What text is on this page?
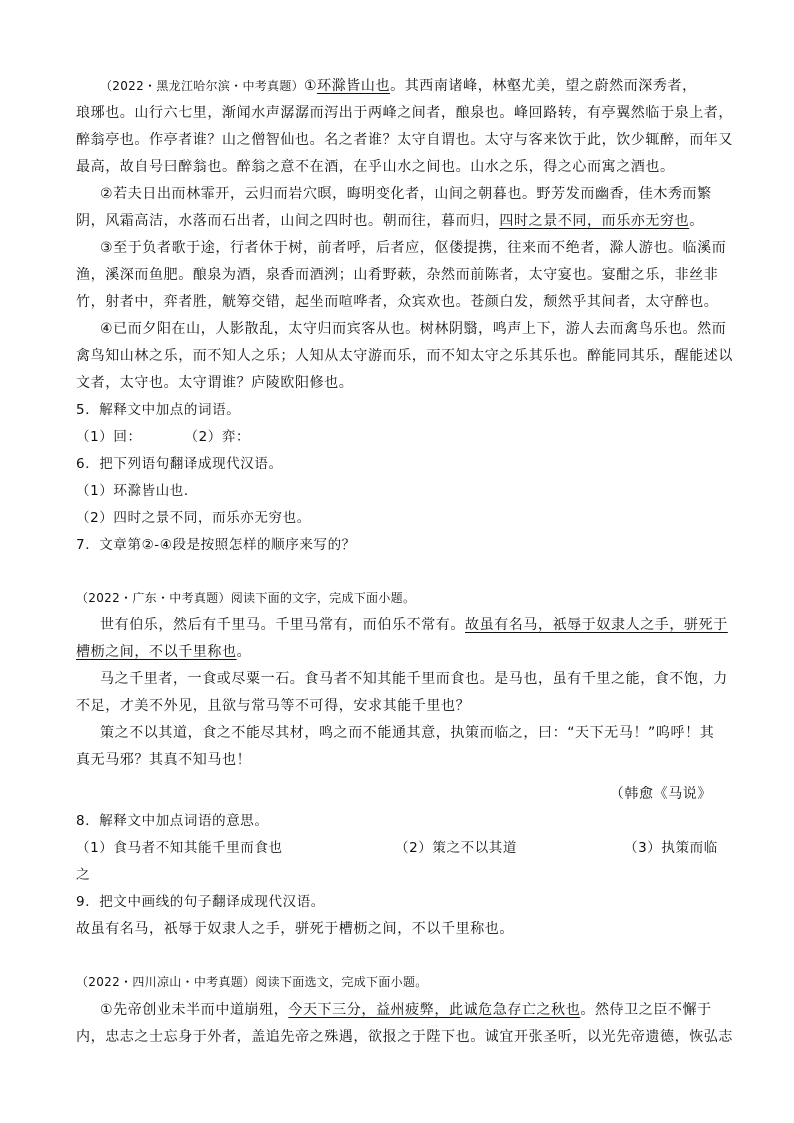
（2022・黑龙江哈尔滨・中考真题）①环滁皆山也。其西南诸峰，林壑尤美，望之蔚然而深秀者，
琅琊也。山行六七里，渐闻水声潺潺而泻出于两峰之间者，酿泉也。峰回路转，有亭翼然临于泉上者，
醉翁亭也。作亭者谁？山之僧智仙也。名之者谁？太守自谓也。太守与客来饮于此，饮少辄醉，而年又
最高，故自号曰醉翁也。醉翁之意不在酒，在乎山水之间也。山水之乐，得之心而寓之酒也。
②若夫日出而林霏开，云归而岩穴暝，晦明变化者，山间之朝暮也。野芳发而幽香，佳木秀而繁
阴，风霜高洁，水落而石出者，山间之四时也。朝而往，暮而归，四时之景不同，而乐亦无穷也。
③至于负者歌于途，行者休于树，前者呼，后者应，伛偻提携，往来而不绝者，滁人游也。临溪而
渔，溪深而鱼肥。酿泉为酒，泉香而酒洌；山肴野蔌，杂然而前陈者，太守宴也。宴酣之乐，非丝非
竹，射者中，弈者胜，觥筹交错，起坐而喧哗者，众宾欢也。苍颜白发，颓然乎其间者，太守醉也。
④已而夕阳在山，人影散乱，太守归而宾客从也。树林阴翳，鸣声上下，游人去而禽鸟乐也。然而
禽鸟知山林之乐，而不知人之乐；人知从太守游而乐，而不知太守之乐其乐也。醉能同其乐，醒能述以
文者，太守也。太守谓谁？庐陵欧阳修也。
5．解释文中加点的词语。
（1）回：　　　　（2）弈：
6．把下列语句翻译成现代汉语。
（1）环滁皆山也.
（2）四时之景不同，而乐亦无穷也。
7．文章第②-④段是按照怎样的顺序来写的？
（2022・广东・中考真题）阅读下面的文字，完成下面小题。
世有伯乐，然后有千里马。千里马常有，而伯乐不常有。故虽有名马，祇辱于奴隶人之手，骈死于
槽枥之间，不以千里称也。
马之千里者，一食或尽粟一石。食马者不知其能千里而食也。是马也，虽有千里之能，食不饱，力
不足，才美不外见，且欲与常马等不可得，安求其能千里也？
策之不以其道，食之不能尽其材，鸣之而不能通其意，执策而临之，曰：“天下无马！”呜呼！其
真无马邪？其真不知马也！
（韩愈《马说》
8．解释文中加点词语的意思。
（1）食马者不知其能千里而食也	（2）策之不以其道	（3）执策而临
之
9．把文中画线的句子翻译成现代汉语。
故虽有名马，祇辱于奴隶人之手，骈死于槽枥之间，不以千里称也。
（2022・四川凉山・中考真题）阅读下面选文，完成下面小题。
①先帝创业未半而中道崩殂，今天下三分，益州疲弊，此诚危急存亡之秋也。然侍卫之臣不懈于
内，忠志之士忘身于外者，盖追先帝之殊遇，欲报之于陛下也。诚宜开张圣听，以光先帝遗德，恢弘志
